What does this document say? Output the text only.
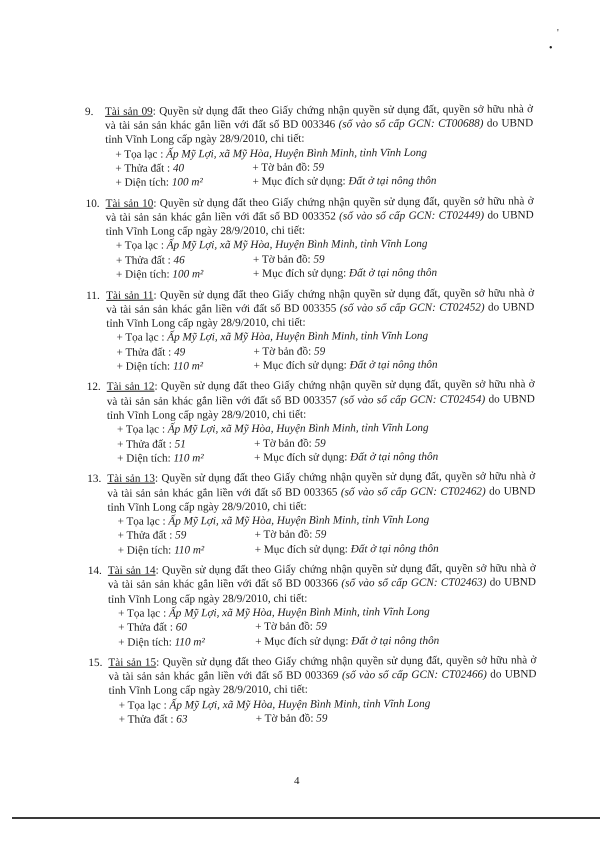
'
•

9. Tài sản 09: Quyền sử dụng đất theo Giấy chứng nhận quyền sử dụng đất, quyền sở hữu nhà ở và tài sản sản khác gắn liền với đất số BD 003346 (số vào sổ cấp GCN: CT00688) do UBND tỉnh Vĩnh Long cấp ngày 28/9/2010, chi tiết:

+ Tọa lạc : Ấp Mỹ Lợi, xã Mỹ Hòa, Huyện Bình Minh, tỉnh Vĩnh Long
+ Thửa đất : 40	+ Tờ bản đồ: 59
+ Diện tích: 100 m²	+ Mục đích sử dụng: Đất ở tại nông thôn

10. Tài sản 10: Quyền sử dụng đất theo Giấy chứng nhận quyền sử dụng đất, quyền sở hữu nhà ở và tài sản sản khác gắn liền với đất số BD 003352 (số vào sổ cấp GCN: CT02449) do UBND tỉnh Vĩnh Long cấp ngày 28/9/2010, chi tiết:

+ Tọa lạc : Ấp Mỹ Lợi, xã Mỹ Hòa, Huyện Bình Minh, tỉnh Vĩnh Long
+ Thửa đất : 46	+ Tờ bản đồ: 59
+ Diện tích: 100 m²	+ Mục đích sử dụng: Đất ở tại nông thôn

11. Tài sản 11: Quyền sử dụng đất theo Giấy chứng nhận quyền sử dụng đất, quyền sở hữu nhà ở và tài sản sản khác gắn liền với đất số BD 003355 (số vào sổ cấp GCN: CT02452) do UBND tỉnh Vĩnh Long cấp ngày 28/9/2010, chi tiết:

+ Tọa lạc : Ấp Mỹ Lợi, xã Mỹ Hòa, Huyện Bình Minh, tỉnh Vĩnh Long
+ Thửa đất : 49	+ Tờ bản đồ: 59
+ Diện tích: 110 m²	+ Mục đích sử dụng: Đất ở tại nông thôn

12. Tài sản 12: Quyền sử dụng đất theo Giấy chứng nhận quyền sử dụng đất, quyền sở hữu nhà ở và tài sản sản khác gắn liền với đất số BD 003357 (số vào sổ cấp GCN: CT02454) do UBND tỉnh Vĩnh Long cấp ngày 28/9/2010, chi tiết:

+ Tọa lạc : Ấp Mỹ Lợi, xã Mỹ Hòa, Huyện Bình Minh, tỉnh Vĩnh Long
+ Thửa đất : 51	+ Tờ bản đồ: 59
+ Diện tích: 110 m²	+ Mục đích sử dụng: Đất ở tại nông thôn

13. Tài sản 13: Quyền sử dụng đất theo Giấy chứng nhận quyền sử dụng đất, quyền sở hữu nhà ở và tài sản sản khác gắn liền với đất số BD 003365 (số vào sổ cấp GCN: CT02462) do UBND tỉnh Vĩnh Long cấp ngày 28/9/2010, chi tiết:

+ Tọa lạc : Ấp Mỹ Lợi, xã Mỹ Hòa, Huyện Bình Minh, tỉnh Vĩnh Long
+ Thửa đất : 59	+ Tờ bản đồ: 59
+ Diện tích: 110 m²	+ Mục đích sử dụng: Đất ở tại nông thôn

14. Tài sản 14: Quyền sử dụng đất theo Giấy chứng nhận quyền sử dụng đất, quyền sở hữu nhà ở và tài sản sản khác gắn liền với đất số BD 003366 (số vào sổ cấp GCN: CT02463) do UBND tỉnh Vĩnh Long cấp ngày 28/9/2010, chi tiết:

+ Tọa lạc : Ấp Mỹ Lợi, xã Mỹ Hòa, Huyện Bình Minh, tỉnh Vĩnh Long
+ Thửa đất : 60	+ Tờ bản đồ: 59
+ Diện tích: 110 m²	+ Mục đích sử dụng: Đất ở tại nông thôn

15. Tài sản 15: Quyền sử dụng đất theo Giấy chứng nhận quyền sử dụng đất, quyền sở hữu nhà ở và tài sản sản khác gắn liền với đất số BD 003369 (số vào sổ cấp GCN: CT02466) do UBND tỉnh Vĩnh Long cấp ngày 28/9/2010, chi tiết:

+ Tọa lạc : Ấp Mỹ Lợi, xã Mỹ Hòa, Huyện Bình Minh, tỉnh Vĩnh Long
+ Thửa đất : 63	+ Tờ bản đồ: 59
4
